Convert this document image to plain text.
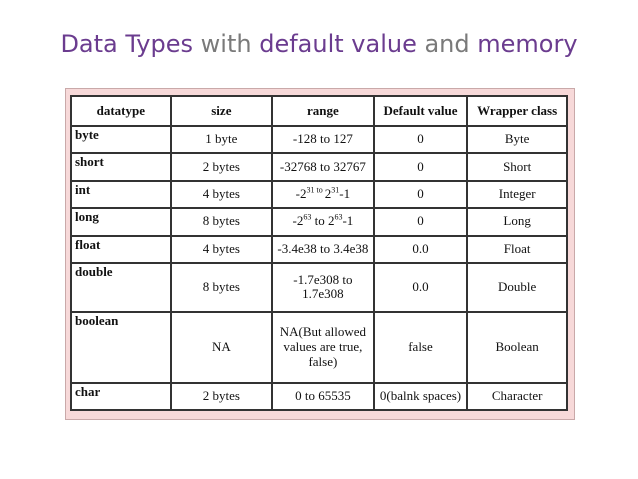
Data Types with default value and memory
datatype	size	range	Default value	Wrapper class
byte	1 byte	-128 to 127	0	Byte
short	2 bytes	-32768 to 32767	0	Short
int	4 bytes	$-2^{31 to}$ $2^{31}-1$	0	Integer
long	8 bytes	$-2^{63}$ to $2^{63}-1$	0	Long
float	4 bytes	-3.4e38 to 3.4e38	0.0	Float
double	8 bytes	-1.7e308 to
1.7e308	0.0	Double
boolean	NA	NA(But allowed
values are true,
false)	false	Boolean
char	2 bytes	0 to 65535	0(balnk spaces)	Character
